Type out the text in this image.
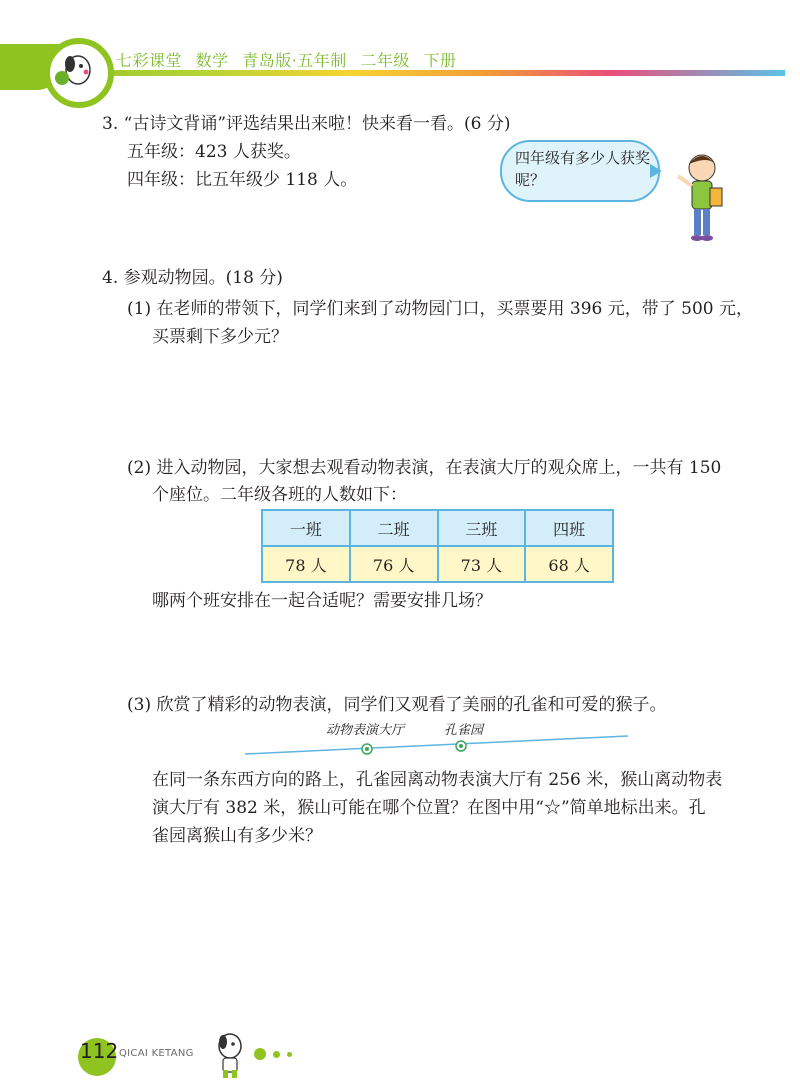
七彩课堂 数学 青岛版·五年制 二年级 下册
3. “古诗文背诵”评选结果出来啦！快来看一看。(6 分)
五年级：423 人获奖。
四年级：比五年级少 118 人。
四年级有多少人获奖呢？
4. 参观动物园。(18 分)
(1) 在老师的带领下，同学们来到了动物园门口，买票要用 396 元，带了 500 元，
买票剩下多少元？
(2) 进入动物园，大家想去观看动物表演，在表演大厅的观众席上，一共有 150
个座位。二年级各班的人数如下：
一班	二班	三班	四班
78 人	76 人	73 人	68 人
哪两个班安排在一起合适呢？需要安排几场？
(3) 欣赏了精彩的动物表演，同学们又观看了美丽的孔雀和可爱的猴子。
动物表演大厅	孔雀园
在同一条东西方向的路上，孔雀园离动物表演大厅有 256 米，猴山离动物表
演大厅有 382 米，猴山可能在哪个位置？在图中用“☆”简单地标出来。孔
雀园离猴山有多少米？
112 QICAI KETANG
